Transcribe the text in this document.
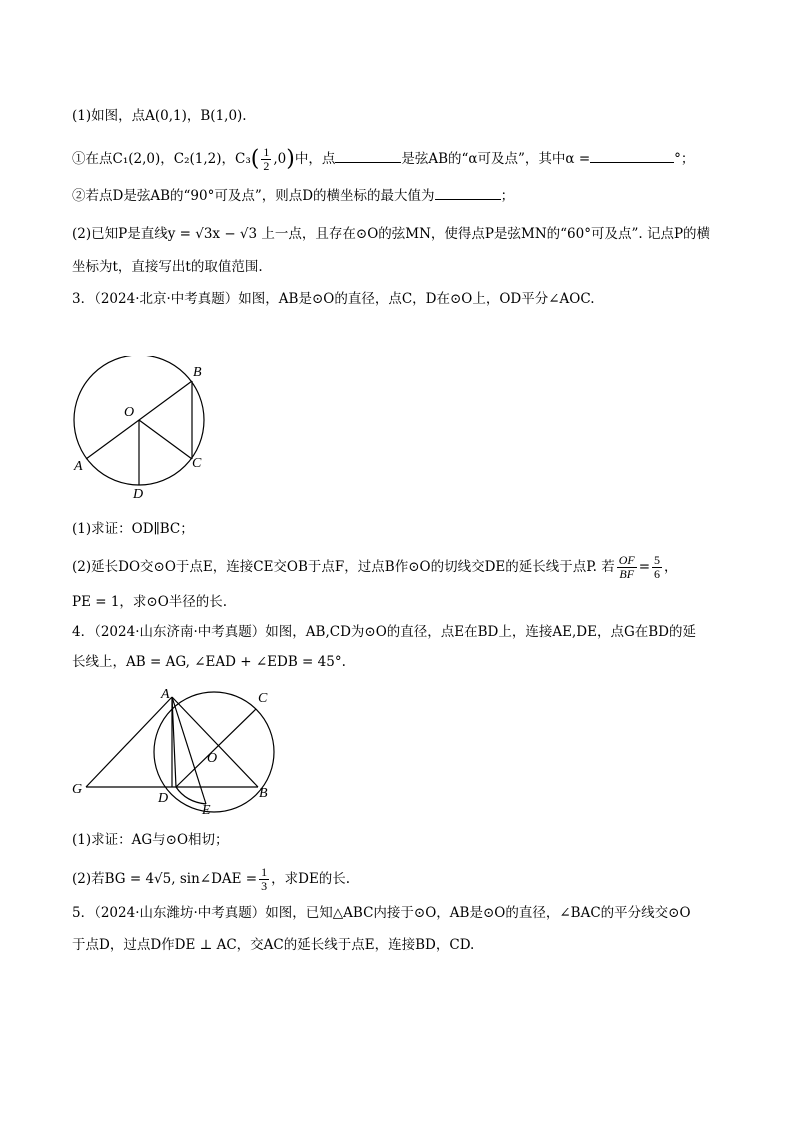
(1)如图，点A(0,1)，B(1,0).
①在点C₁(2,0)，C₂(1,2)，$C_3( \frac{1}{2} ,0)$中，点	是弦AB的“α可及点”，其中α =	°；
②若点D是弦AB的“90°可及点”，则点D的横坐标的最大值为	；
(2)已知P是直线y = √3x − √3 上一点，且存在⊙O的弦MN，使得点P是弦MN的“60°可及点”. 记点P的横
坐标为t，直接写出t的取值范围.
3．（2024·北京·中考真题）如图，AB是⊙O的直径，点C，D在⊙O上，OD平分∠AOC.
B
O
A	C
D
(1)求证：OD∥BC；
(2)延长DO交⊙O于点E，连接CE交OB于点F，过点B作⊙O的切线交DE的延长线于点P. 若 $\frac{OF}{BF} = \frac{5}{6}$ ，
PE = 1，求⊙O半径的长.
4．（2024·山东济南·中考真题）如图，AB,CD为⊙O的直径，点E在BD上，连接AE,DE，点G在BD的延
长线上，AB = AG, ∠EAD + ∠EDB = 45°.
A	C
O
G
D
E
B
(1)求证：AG与⊙O相切；
(2)若BG = 4√5, sin∠DAE = $\frac{1}{3}$ ，求DE的长.
5．（2024·山东潍坊·中考真题）如图，已知△ABC内接于⊙O，AB是⊙O的直径，∠BAC的平分线交⊙O
于点D，过点D作DE ⊥ AC，交AC的延长线于点E，连接BD，CD.
